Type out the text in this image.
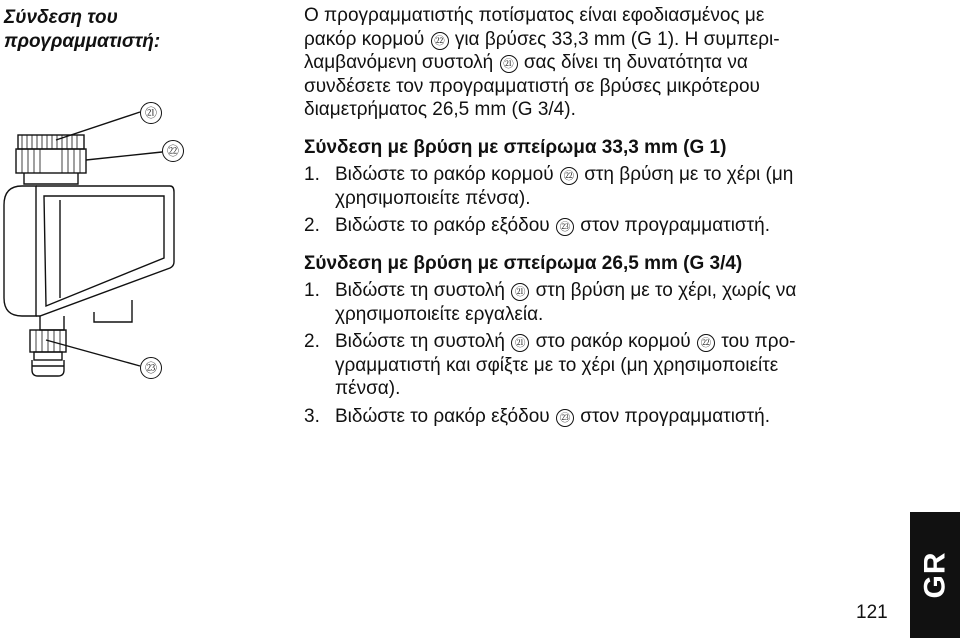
Σύνδεση του
προγραμματιστή:
㉑
㉒
㉓

Ο προγραμματιστής ποτίσματος είναι εφοδιασμένος με
ρακόρ κορμού ㉒ για βρύσες 33,3 mm (G 1). Η συμπερι-
λαμβανόμενη συστολή ㉑ σας δίνει τη δυνατότητα να
συνδέσετε τον προγραμματιστή σε βρύσες μικρότερου
διαμετρήματος 26,5 mm (G 3/4).

Σύνδεση με βρύση με σπείρωμα 33,3 mm (G 1)

1. Βιδώστε το ρακόρ κορμού ㉒ στη βρύση με το χέρι (μη
χρησιμοποιείτε πένσα).

2. Βιδώστε το ρακόρ εξόδου ㉓ στον προγραμματιστή.

Σύνδεση με βρύση με σπείρωμα 26,5 mm (G 3/4)

1. Βιδώστε τη συστολή ㉑ στη βρύση με το χέρι, χωρίς να
χρησιμοποιείτε εργαλεία.

2. Βιδώστε τη συστολή ㉑ στο ρακόρ κορμού ㉒ του προ-
γραμματιστή και σφίξτε με το χέρι (μη χρησιμοποιείτε
πένσα).

3. Βιδώστε το ρακόρ εξόδου ㉓ στον προγραμματιστή.

GR
121
